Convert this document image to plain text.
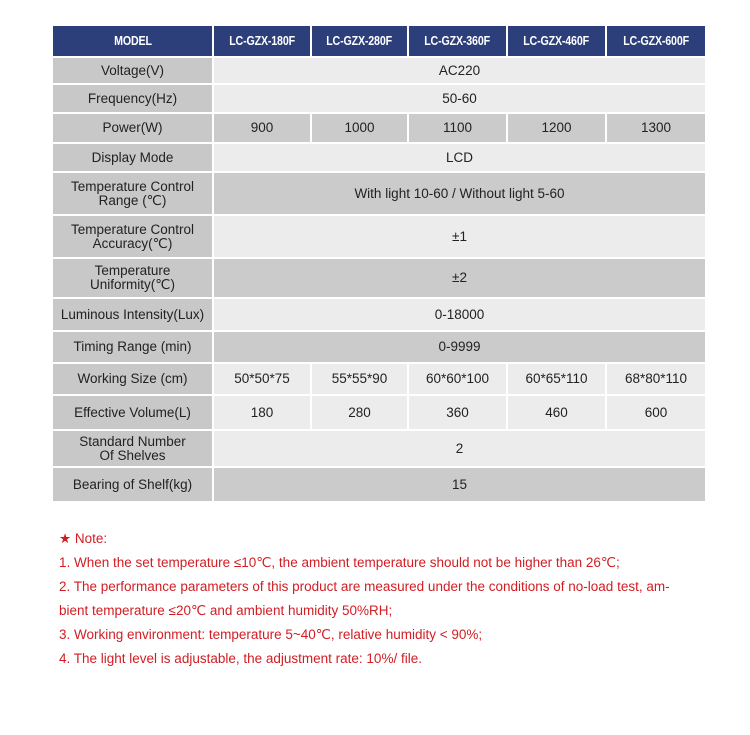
MODEL	LC-GZX-180F	LC-GZX-280F	LC-GZX-360F	LC-GZX-460F	LC-GZX-600F
Voltage(V)	AC220				
Frequency(Hz)	50-60				
Power(W)	900	1000	1100	1200	1300
Display Mode	LCD				
Temperature Control
Range (℃)	With light 10-60 / Without light 5-60				
Temperature Control
Accuracy(℃)	±1				
Temperature
Uniformity(℃)	±2				
Luminous Intensity(Lux)	0-18000				
Timing Range (min)	0-9999				
Working Size (cm)	50*50*75	55*55*90	60*60*100	60*65*110	68*80*110
Effective Volume(L)	180	280	360	460	600
Standard Number
Of Shelves	2				
Bearing of Shelf(kg)	15				
★ Note:
1. When the set temperature ≤10℃, the ambient temperature should not be higher than 26℃;
2. The performance parameters of this product are measured under the conditions of no-load test, am-
bient temperature ≤20℃ and ambient humidity 50%RH;
3. Working environment: temperature 5~40℃, relative humidity < 90%;
4. The light level is adjustable, the adjustment rate: 10%/ file.
